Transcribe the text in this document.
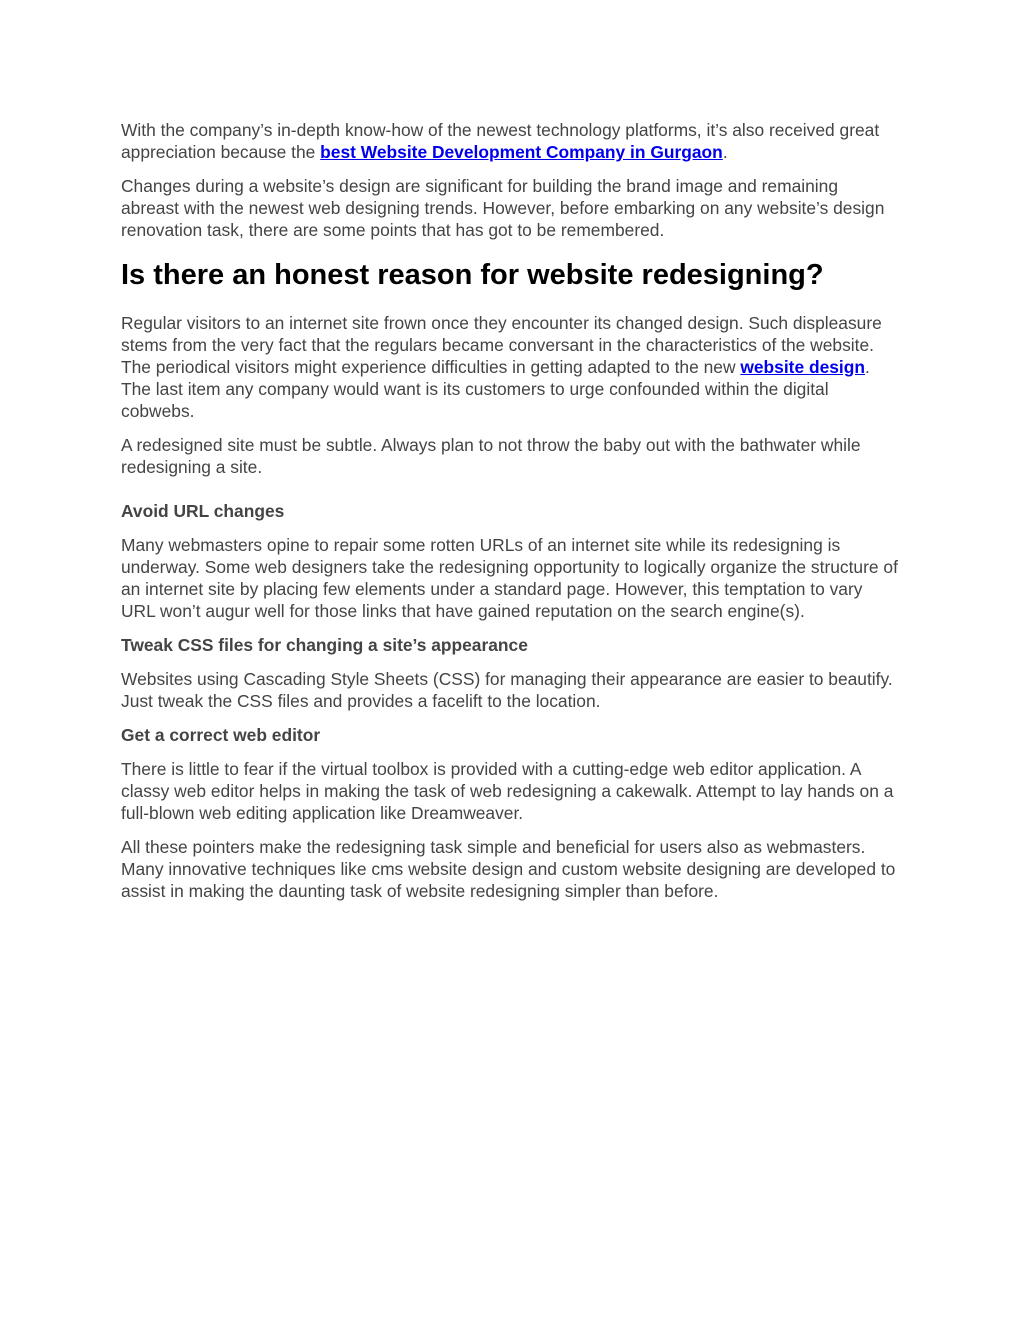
With the company’s in-depth know-how of the newest technology platforms, it’s also received great appreciation because the best Website Development Company in Gurgaon.

Changes during a website’s design are significant for building the brand image and remaining abreast with the newest web designing trends. However, before embarking on any website’s design renovation task, there are some points that has got to be remembered.

Is there an honest reason for website redesigning?

Regular visitors to an internet site frown once they encounter its changed design. Such displeasure stems from the very fact that the regulars became conversant in the characteristics of the website. The periodical visitors might experience difficulties in getting adapted to the new website design. The last item any company would want is its customers to urge confounded within the digital cobwebs.

A redesigned site must be subtle. Always plan to not throw the baby out with the bathwater while redesigning a site.

Avoid URL changes

Many webmasters opine to repair some rotten URLs of an internet site while its redesigning is underway. Some web designers take the redesigning opportunity to logically organize the structure of an internet site by placing few elements under a standard page. However, this temptation to vary URL won’t augur well for those links that have gained reputation on the search engine(s).

Tweak CSS files for changing a site’s appearance

Websites using Cascading Style Sheets (CSS) for managing their appearance are easier to beautify. Just tweak the CSS files and provides a facelift to the location.

Get a correct web editor

There is little to fear if the virtual toolbox is provided with a cutting-edge web editor application. A classy web editor helps in making the task of web redesigning a cakewalk. Attempt to lay hands on a full-blown web editing application like Dreamweaver.

All these pointers make the redesigning task simple and beneficial for users also as webmasters. Many innovative techniques like cms website design and custom website designing are developed to assist in making the daunting task of website redesigning simpler than before.
